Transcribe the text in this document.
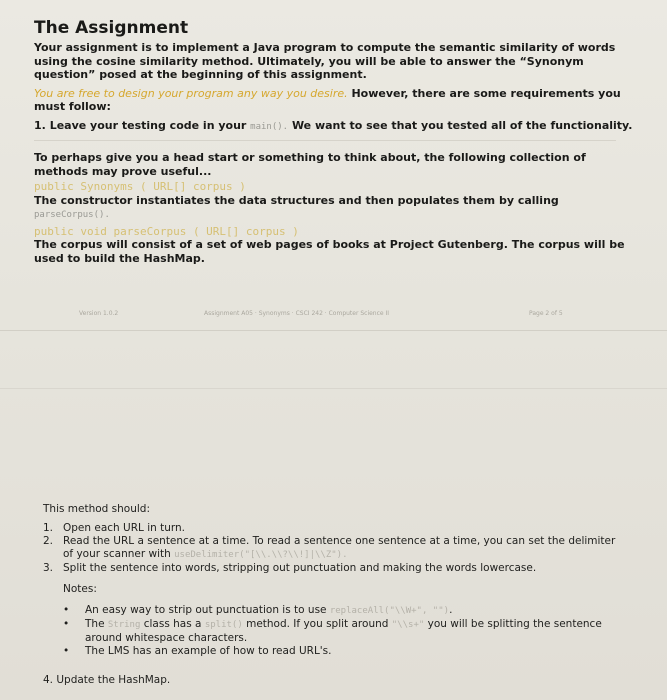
The Assignment

Your assignment is to implement a Java program to compute the semantic similarity of words using the cosine similarity method. Ultimately, you will be able to answer the “Synonym question” posed at the beginning of this assignment.

You are free to design your program any way you desire. However, there are some requirements you must follow:

1. Leave your testing code in your main(). We want to see that you tested all of the functionality.

To perhaps give you a head start or something to think about, the following collection of methods may prove useful...

public Synonyms ( URL[] corpus )

The constructor instantiates the data structures and then populates them by calling parseCorpus().

public void parseCorpus ( URL[] corpus )

The corpus will consist of a set of web pages of books at Project Gutenberg. The corpus will be used to build the HashMap.

Version 1.0.2	Assignment A05 · Synonyms · CSCI 242 · Computer Science II	Page 2 of 5

This method should:

1. Open each URL in turn.

2. Read the URL a sentence at a time. To read a sentence one sentence at a time, you can set the delimiter of your scanner with useDelimiter("[\\.\\?\\!]|\\Z").

3. Split the sentence into words, stripping out punctuation and making the words lowercase.

Notes:

•	An easy way to strip out punctuation is to use replaceAll("\\W+", "").

•	The String class has a split() method. If you split around "\\s+" you will be splitting the sentence around whitespace characters.

•	The LMS has an example of how to read URL's.

4. Update the HashMap.
